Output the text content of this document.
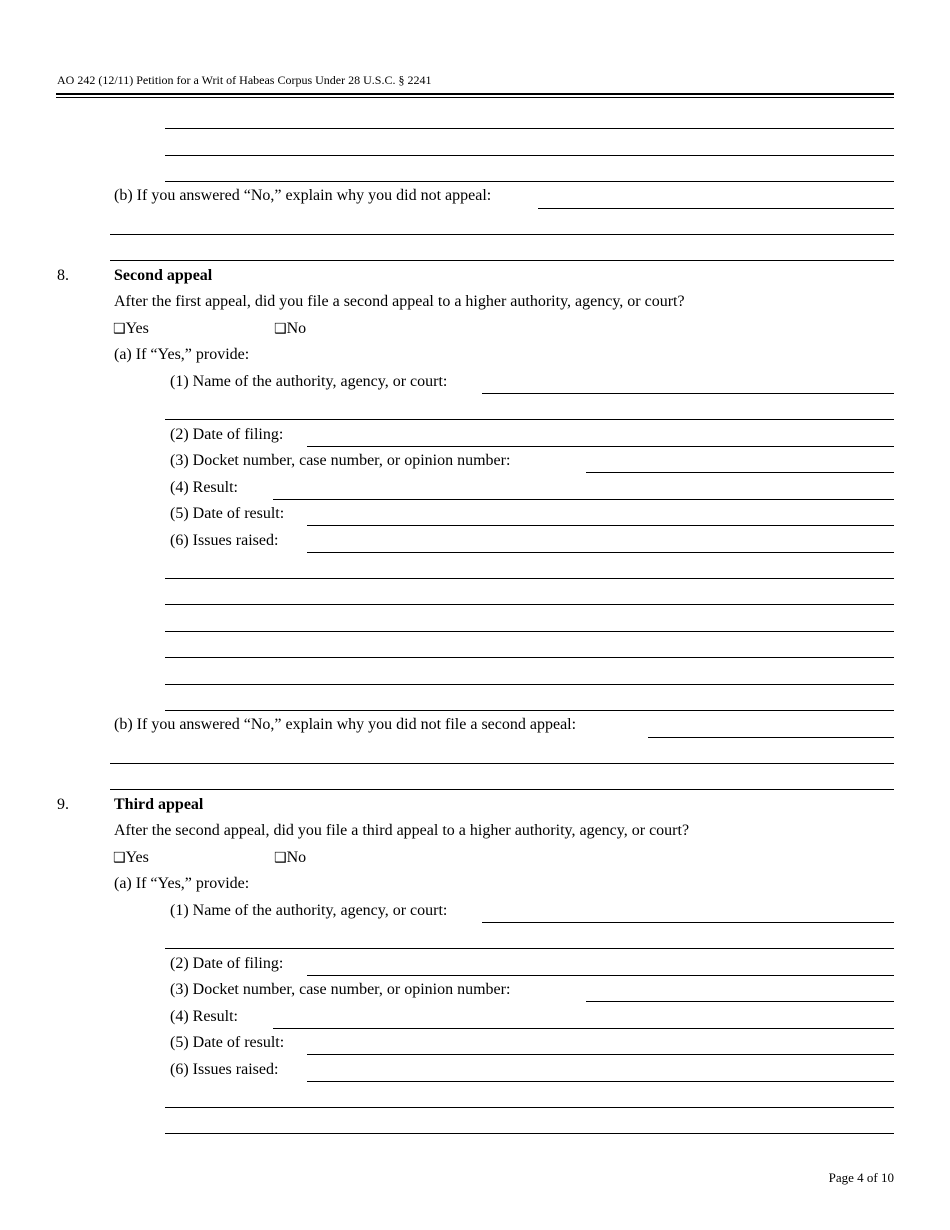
AO 242 (12/11) Petition for a Writ of Habeas Corpus Under 28 U.S.C. § 2241
(b) If you answered “No,” explain why you did not appeal:
8.	Second appeal
After the first appeal, did you file a second appeal to a higher authority, agency, or court?
❑Yes	❑No
(a) If “Yes,” provide:
(1) Name of the authority, agency, or court:
(2) Date of filing:
(3) Docket number, case number, or opinion number:
(4) Result:
(5) Date of result:
(6) Issues raised:
(b) If you answered “No,” explain why you did not file a second appeal:
9.	Third appeal
After the second appeal, did you file a third appeal to a higher authority, agency, or court?
❑Yes	❑No
(a) If “Yes,” provide:
(1) Name of the authority, agency, or court:
(2) Date of filing:
(3) Docket number, case number, or opinion number:
(4) Result:
(5) Date of result:
(6) Issues raised:
Page 4 of 10
